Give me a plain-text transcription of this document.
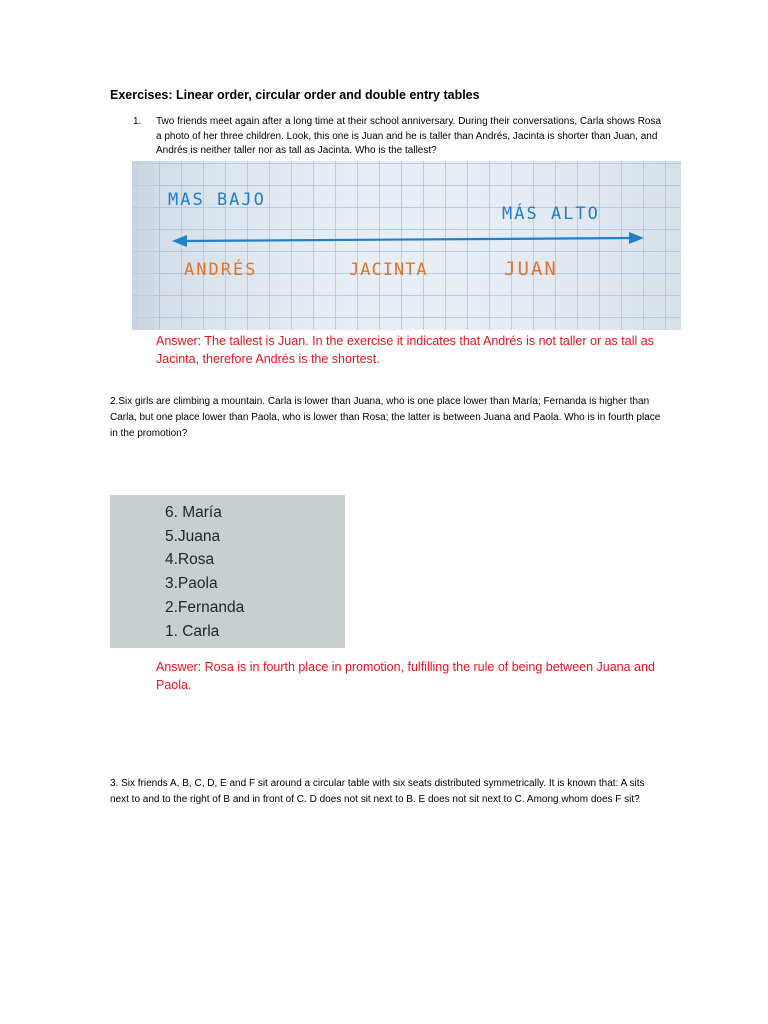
Exercises: Linear order, circular order and double entry tables
1. Two friends meet again after a long time at their school anniversary. During their conversations, Carla shows Rosa a photo of her three children. Look, this one is Juan and he is taller than Andrés, Jacinta is shorter than Juan, and Andrés is neither taller nor as tall as Jacinta. Who is the tallest?
MAS BAJO
MÁS ALTO
ANDRÉS	JACINTA	JUAN
Answer: The tallest is Juan. In the exercise it indicates that Andrés is not taller or as tall as Jacinta, therefore Andrés is the shortest.
2.Six girls are climbing a mountain. Carla is lower than Juana, who is one place lower than María; Fernanda is higher than Carla, but one place lower than Paola, who is lower than Rosa; the latter is between Juana and Paola. Who is in fourth place in the promotion?
6. María
5.Juana
4.Rosa
3.Paola
2.Fernanda
1. Carla
Answer: Rosa is in fourth place in promotion, fulfilling the rule of being between Juana and Paola.
3. Six friends A, B, C, D, E and F sit around a circular table with six seats distributed symmetrically. It is known that: A sits next to and to the right of B and in front of C. D does not sit next to B. E does not sit next to C. Among whom does F sit?
